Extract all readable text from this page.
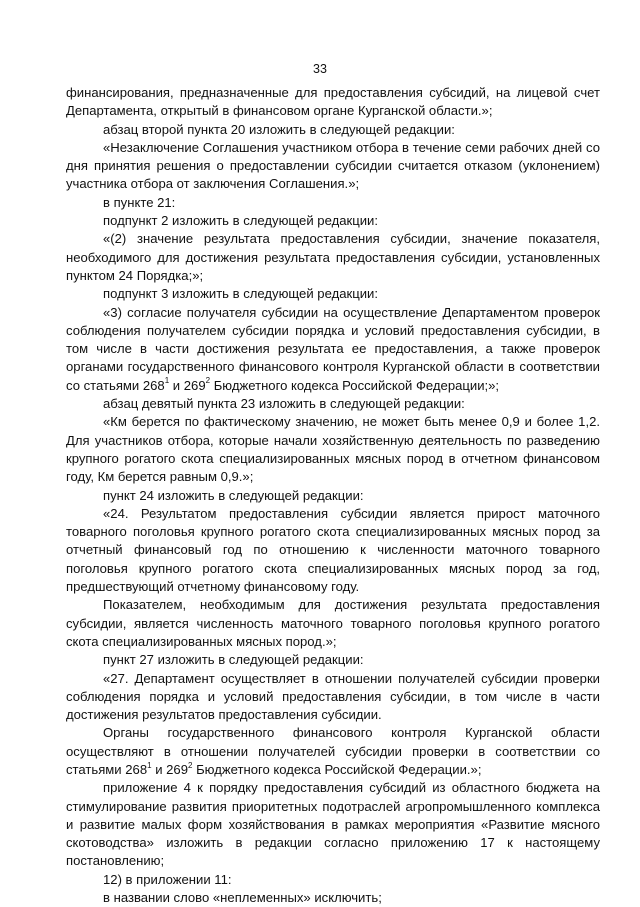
33

финансирования, предназначенные для предоставления субсидий, на лицевой счет Департамента, открытый в финансовом органе Курганской области.»;

абзац второй пункта 20 изложить в следующей редакции:

«Незаключение Соглашения участником отбора в течение семи рабочих дней со дня принятия решения о предоставлении субсидии считается отказом (уклонением) участника отбора от заключения Соглашения.»;

в пункте 21:

подпункт 2 изложить в следующей редакции:

«(2) значение результата предоставления субсидии, значение показателя, необходимого для достижения результата предоставления субсидии, установленных пунктом 24 Порядка;»;

подпункт 3 изложить в следующей редакции:

«3) согласие получателя субсидии на осуществление Департаментом проверок соблюдения получателем субсидии порядка и условий предоставления субсидии, в том числе в части достижения результата ее предоставления, а также проверок органами государственного финансового контроля Курганской области в соответствии со статьями $268^1$ и $269^2$ Бюджетного кодекса Российской Федерации;»;

абзац девятый пункта 23 изложить в следующей редакции:

«Км берется по фактическому значению, не может быть менее 0,9 и более 1,2. Для участников отбора, которые начали хозяйственную деятельность по разведению крупного рогатого скота специализированных мясных пород в отчетном финансовом году, Км берется равным 0,9.»;

пункт 24 изложить в следующей редакции:

«24. Результатом предоставления субсидии является прирост маточного товарного поголовья крупного рогатого скота специализированных мясных пород за отчетный финансовый год по отношению к численности маточного товарного поголовья крупного рогатого скота специализированных мясных пород за год, предшествующий отчетному финансовому году.

Показателем, необходимым для достижения результата предоставления субсидии, является численность маточного товарного поголовья крупного рогатого скота специализированных мясных пород.»;

пункт 27 изложить в следующей редакции:

«27. Департамент осуществляет в отношении получателей субсидии проверки соблюдения порядка и условий предоставления субсидии, в том числе в части достижения результатов предоставления субсидии.

Органы государственного финансового контроля Курганской области осуществляют в отношении получателей субсидии проверки в соответствии со статьями $268^1$ и $269^2$ Бюджетного кодекса Российской Федерации.»;

приложение 4 к порядку предоставления субсидий из областного бюджета на стимулирование развития приоритетных подотраслей агропромышленного комплекса и развитие малых форм хозяйствования в рамках мероприятия «Развитие мясного скотоводства» изложить в редакции согласно приложению 17 к настоящему постановлению;

12) в приложении 11:

в названии слово «неплеменных» исключить;
